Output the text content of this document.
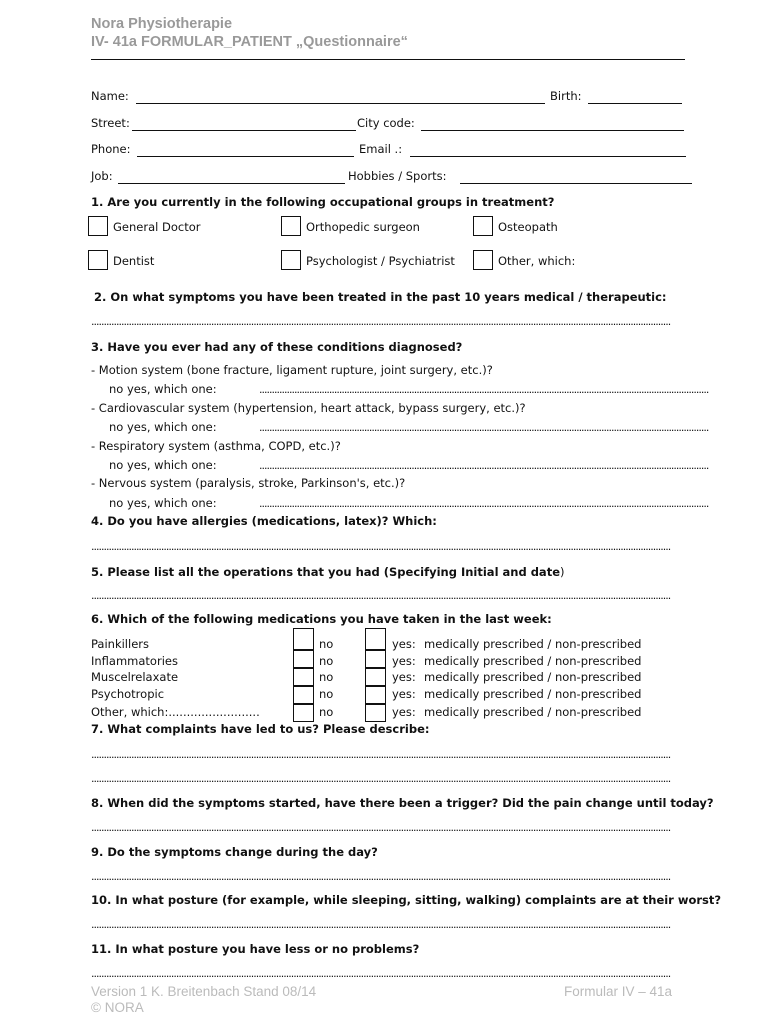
Nora Physiotherapie
IV- 41a FORMULAR_PATIENT „Questionnaire“
Name:	Birth:
Street:	City code:
Phone:	Email .:
Job:	Hobbies / Sports:
1. Are you currently in the following occupational groups in treatment?
General Doctor	Orthopedic surgeon	Osteopath
Dentist	Psychologist / Psychiatrist	Other, which:
2. On what symptoms you have been treated in the past 10 years medical / therapeutic:
........................................................................................................................................................................................................................................
3. Have you ever had any of these conditions diagnosed?
- Motion system (bone fracture, ligament rupture, joint surgery, etc.)?
no yes, which one:	....................................................................................................................................................................................
- Cardiovascular system (hypertension, heart attack, bypass surgery, etc.)?
no yes, which one:	....................................................................................................................................................................................
- Respiratory system (asthma, COPD, etc.)?
no yes, which one:	....................................................................................................................................................................................
- Nervous system (paralysis, stroke, Parkinson's, etc.)?
no yes, which one:	....................................................................................................................................................................................
4. Do you have allergies (medications, latex)? Which:
........................................................................................................................................................................................................................................
5. Please list all the operations that you had (Specifying Initial and date)
........................................................................................................................................................................................................................................
6. Which of the following medications you have taken in the last week:
Painkillers	no	yes: medically prescribed / non-prescribed
Inflammatories	no	yes: medically prescribed / non-prescribed
Muscelrelaxate	no	yes: medically prescribed / non-prescribed
Psychotropic	no	yes: medically prescribed / non-prescribed
Other, which:.........................	no	yes: medically prescribed / non-prescribed
7. What complaints have led to us? Please describe:
........................................................................................................................................................................................................................................
........................................................................................................................................................................................................................................
8. When did the symptoms started, have there been a trigger? Did the pain change until today?
........................................................................................................................................................................................................................................
9. Do the symptoms change during the day?
........................................................................................................................................................................................................................................
10. In what posture (for example, while sleeping, sitting, walking) complaints are at their worst?
........................................................................................................................................................................................................................................
11. In what posture you have less or no problems?
........................................................................................................................................................................................................................................
Version 1 K. Breitenbach Stand 08/14
© NORA
Formular IV – 41a
